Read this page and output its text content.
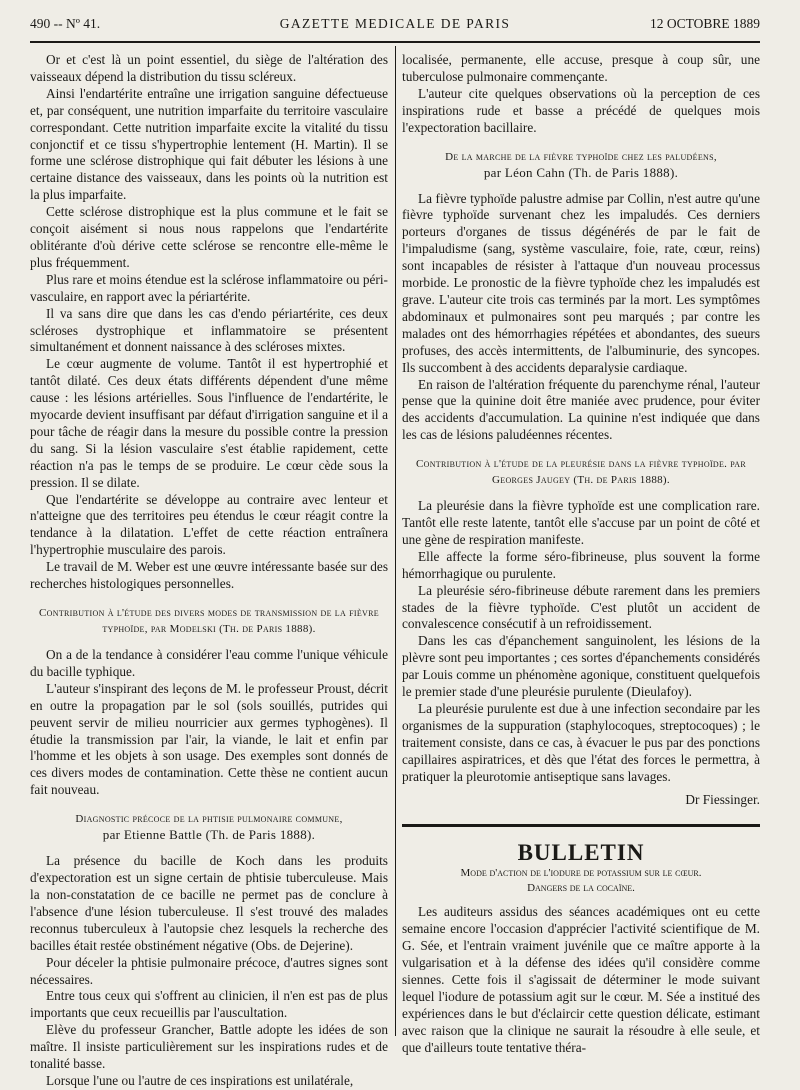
490 -- Nº 41.	GAZETTE MEDICALE DE PARIS	12 OCTOBRE 1889

Or et c'est là un point essentiel, du siège de l'altération des vaisseaux dépend la distribution du tissu scléreux.

Ainsi l'endartérite entraîne une irrigation sanguine défectueuse et, par conséquent, une nutrition imparfaite du territoire vasculaire correspondant. Cette nutrition imparfaite excite la vitalité du tissu conjonctif et ce tissu s'hypertrophie lentement (H. Martin). Il se forme une sclérose distrophique qui fait débuter les lésions à une certaine distance des vaisseaux, dans les points où la nutrition est la plus imparfaite.

Cette sclérose distrophique est la plus commune et le fait se conçoit aisément si nous nous rappelons que l'endartérite oblitérante d'où dérive cette sclérose se rencontre elle-même le plus fréquemment.

Plus rare et moins étendue est la sclérose inflammatoire ou péri-vasculaire, en rapport avec la périartérite.

Il va sans dire que dans les cas d'endo périartérite, ces deux scléroses dystrophique et inflammatoire se présentent simultanément et donnent naissance à des scléroses mixtes.

Le cœur augmente de volume. Tantôt il est hypertrophié et tantôt dilaté. Ces deux états différents dépendent d'une même cause : les lésions artérielles. Sous l'influence de l'endartérite, le myocarde devient insuffisant par défaut d'irrigation sanguine et il a pour tâche de réagir dans la mesure du possible contre la pression du sang. Si la lésion vasculaire s'est établie rapidement, cette réaction n'a pas le temps de se produire. Le cœur cède sous la pression. Il se dilate.

Que l'endartérite se développe au contraire avec lenteur et n'atteigne que des territoires peu étendus le cœur réagit contre la tendance à la dilatation. L'effet de cette réaction entraînera l'hypertrophie musculaire des parois.

Le travail de M. Weber est une œuvre intéressante basée sur des recherches histologiques personnelles.

Contribution à l'étude des divers modes de transmission de la fièvre typhoïde, par Modelski (Th. de Paris 1888).

On a de la tendance à considérer l'eau comme l'unique véhicule du bacille typhique.

L'auteur s'inspirant des leçons de M. le professeur Proust, décrit en outre la propagation par le sol (sols souillés, putrides qui peuvent servir de milieu nourricier aux germes typhogènes). Il étudie la transmission par l'air, la viande, le lait et enfin par l'homme et les objets à son usage. Des exemples sont donnés de ces divers modes de contamination. Cette thèse ne contient aucun fait nouveau.

Diagnostic précoce de la phtisie pulmonaire commune,
par Etienne Battle (Th. de Paris 1888).

La présence du bacille de Koch dans les produits d'expectoration est un signe certain de phtisie tuberculeuse. Mais la non-constatation de ce bacille ne permet pas de conclure à l'absence d'une lésion tuberculeuse. Il s'est trouvé des malades reconnus tuberculeux à l'autopsie chez lesquels la recherche des bacilles était restée obstinément négative (Obs. de Dejerine).

Pour déceler la phtisie pulmonaire précoce, d'autres signes sont nécessaires.

Entre tous ceux qui s'offrent au clinicien, il n'en est pas de plus importants que ceux recueillis par l'auscultation.

Elève du professeur Grancher, Battle adopte les idées de son maître. Il insiste particulièrement sur les inspirations rudes et de tonalité basse.

Lorsque l'une ou l'autre de ces inspirations est unilatérale,

localisée, permanente, elle accuse, presque à coup sûr, une tuberculose pulmonaire commençante.

L'auteur cite quelques observations où la perception de ces inspirations rude et basse a précédé de quelques mois l'expectoration bacillaire.

De la marche de la fièvre typhoïde chez les paludéens,
par Léon Cahn (Th. de Paris 1888).

La fièvre typhoïde palustre admise par Collin, n'est autre qu'une fièvre typhoïde survenant chez les impaludés. Ces derniers porteurs d'organes de tissus dégénérés de par le fait de l'impaludisme (sang, système vasculaire, foie, rate, cœur, reins) sont incapables de résister à l'attaque d'un nouveau processus morbide. Le pronostic de la fièvre typhoïde chez les impaludés est grave. L'auteur cite trois cas terminés par la mort. Les symptômes abdominaux et pulmonaires sont peu marqués ; par contre les malades ont des hémorrhagies répétées et abondantes, des sueurs profuses, des accès intermittents, de l'albuminurie, des syncopes. Ils succombent à des accidents deparalysie cardiaque.

En raison de l'altération fréquente du parenchyme rénal, l'auteur pense que la quinine doit être maniée avec prudence, pour éviter des accidents d'accumulation. La quinine n'est indiquée que dans les cas de lésions paludéennes récentes.

Contribution à l'étude de la pleurésie dans la fièvre typhoïde. par Georges Jaugey (Th. de Paris 1888).

La pleurésie dans la fièvre typhoïde est une complication rare. Tantôt elle reste latente, tantôt elle s'accuse par un point de côté et une gène de respiration manifeste.

Elle affecte la forme séro-fibrineuse, plus souvent la forme hémorrhagique ou purulente.

La pleurésie séro-fibrineuse débute rarement dans les premiers stades de la fièvre typhoïde. C'est plutôt un accident de convalescence consécutif à un refroidissement.

Dans les cas d'épanchement sanguinolent, les lésions de la plèvre sont peu importantes ; ces sortes d'épanchements considérés par Louis comme un phénomène agonique, constituent quelquefois le premier stade d'une pleurésie purulente (Dieulafoy).

La pleurésie purulente est due à une infection secondaire par les organismes de la suppuration (staphylocoques, streptocoques) ; le traitement consiste, dans ce cas, à évacuer le pus par des ponctions capillaires aspiratrices, et dès que l'état des forces le permettra, à pratiquer la pleurotomie antiseptique sans lavages.

Dr Fiessinger.

BULLETIN
Mode d'action de l'iodure de potassium sur le cœur.
Dangers de la cocaïne.

Les auditeurs assidus des séances académiques ont eu cette semaine encore l'occasion d'apprécier l'activité scientifique de M. G. Sée, et l'entrain vraiment juvénile que ce maître apporte à la vulgarisation et à la défense des idées qu'il considère comme siennes. Cette fois il s'agissait de déterminer le mode suivant lequel l'iodure de potassium agit sur le cœur. M. Sée a institué des expériences dans le but d'éclaircir cette question délicate, estimant avec raison que la clinique ne saurait la résoudre à elle seule, et que d'ailleurs toute tentative théra-
